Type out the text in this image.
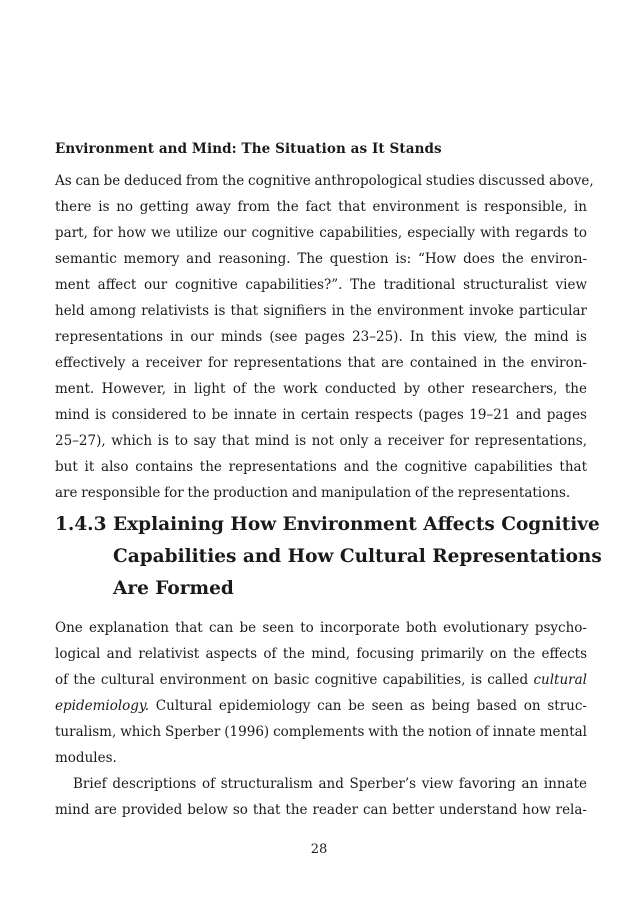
Environment and Mind: The Situation as It Stands
As can be deduced from the cognitive anthropological studies discussed above,
there is no getting away from the fact that environment is responsible, in
part, for how we utilize our cognitive capabilities, especially with regards to
semantic memory and reasoning. The question is: “How does the environ-
ment affect our cognitive capabilities?”. The traditional structuralist view
held among relativists is that signifiers in the environment invoke particular
representations in our minds (see pages 23–25). In this view, the mind is
effectively a receiver for representations that are contained in the environ-
ment. However, in light of the work conducted by other researchers, the
mind is considered to be innate in certain respects (pages 19–21 and pages
25–27), which is to say that mind is not only a receiver for representations,
but it also contains the representations and the cognitive capabilities that
are responsible for the production and manipulation of the representations.
1.4.3 Explaining How Environment Affects Cognitive
Capabilities and How Cultural Representations
Are Formed
One explanation that can be seen to incorporate both evolutionary psycho-
logical and relativist aspects of the mind, focusing primarily on the effects
of the cultural environment on basic cognitive capabilities, is called cultural
epidemiology. Cultural epidemiology can be seen as being based on struc-
turalism, which Sperber (1996) complements with the notion of innate mental
modules.
Brief descriptions of structuralism and Sperber’s view favoring an innate
mind are provided below so that the reader can better understand how rela-
28
